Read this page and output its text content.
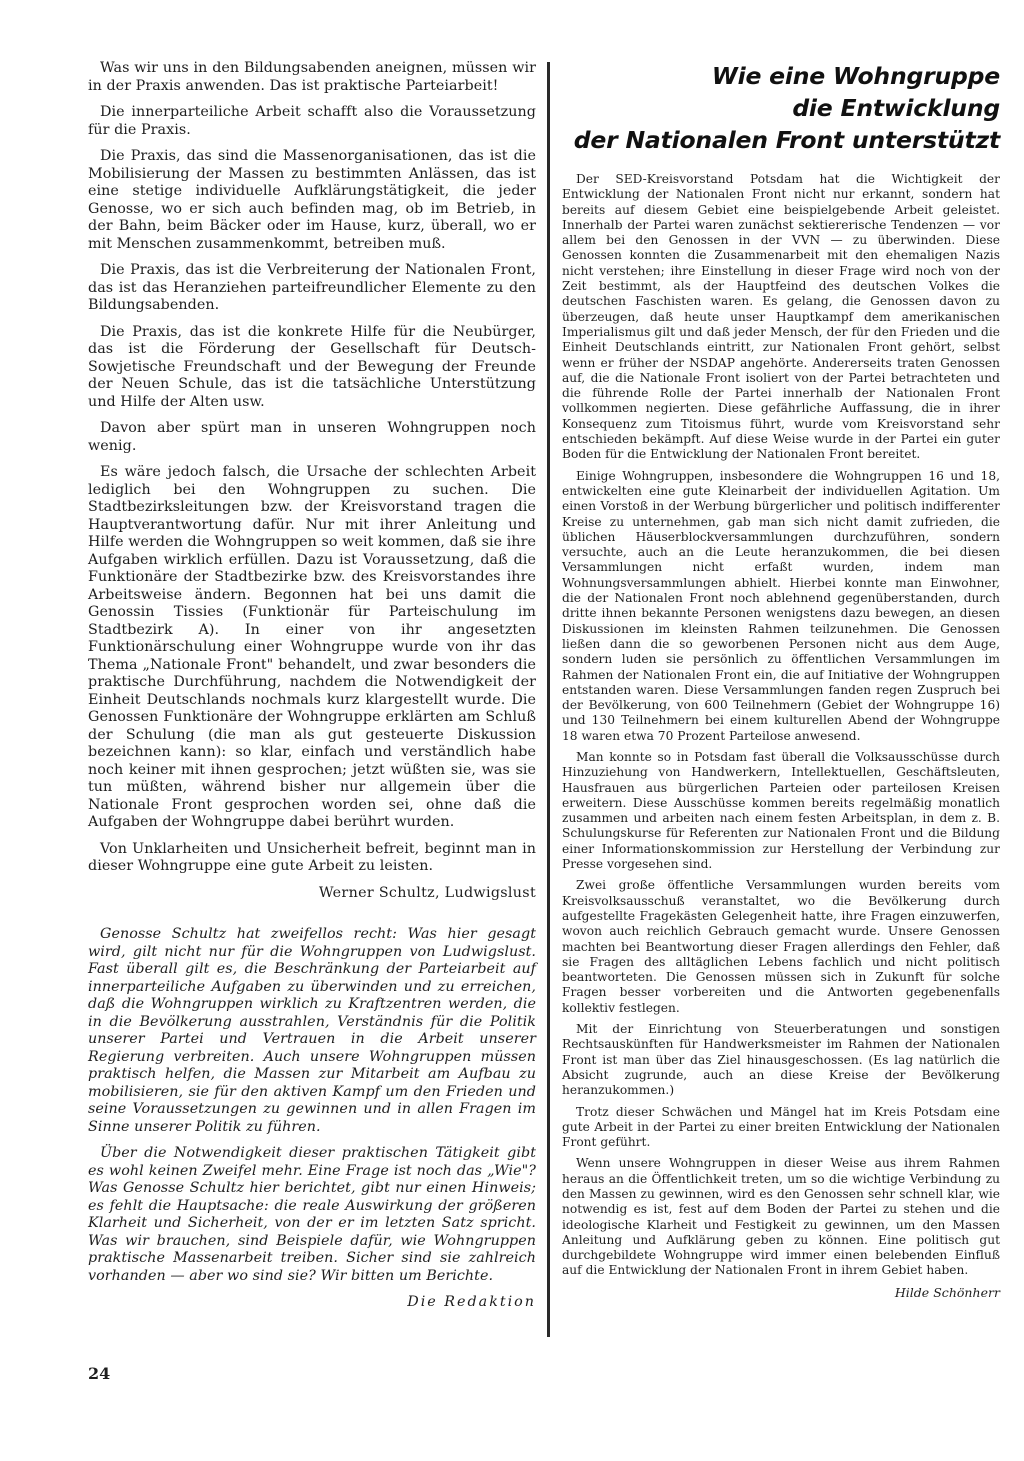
Was wir uns in den Bildungsabenden aneignen, müssen wir in der Praxis anwenden. Das ist praktische Parteiarbeit!

Die innerparteiliche Arbeit schafft also die Voraussetzung für die Praxis.

Die Praxis, das sind die Massenorganisationen, das ist die Mobilisierung der Massen zu bestimmten Anlässen, das ist eine stetige individuelle Aufklärungstätigkeit, die jeder Genosse, wo er sich auch befinden mag, ob im Betrieb, in der Bahn, beim Bäcker oder im Hause, kurz, überall, wo er mit Menschen zusammenkommt, betreiben muß.

Die Praxis, das ist die Verbreiterung der Nationalen Front, das ist das Heranziehen parteifreundlicher Elemente zu den Bildungsabenden.

Die Praxis, das ist die konkrete Hilfe für die Neubürger, das ist die Förderung der Gesellschaft für Deutsch-Sowjetische Freundschaft und der Bewegung der Freunde der Neuen Schule, das ist die tatsächliche Unterstützung und Hilfe der Alten usw.

Davon aber spürt man in unseren Wohngruppen noch wenig.

Es wäre jedoch falsch, die Ursache der schlechten Arbeit lediglich bei den Wohngruppen zu suchen. Die Stadtbezirksleitungen bzw. der Kreisvorstand tragen die Hauptverantwortung dafür. Nur mit ihrer Anleitung und Hilfe werden die Wohngruppen so weit kommen, daß sie ihre Aufgaben wirklich erfüllen. Dazu ist Voraussetzung, daß die Funktionäre der Stadtbezirke bzw. des Kreisvorstandes ihre Arbeitsweise ändern. Begonnen hat bei uns damit die Genossin Tissies (Funktionär für Parteischulung im Stadtbezirk A). In einer von ihr angesetzten Funktionärschulung einer Wohngruppe wurde von ihr das Thema „Nationale Front" behandelt, und zwar besonders die praktische Durchführung, nachdem die Notwendigkeit der Einheit Deutschlands nochmals kurz klargestellt wurde. Die Genossen Funktionäre der Wohngruppe erklärten am Schluß der Schulung (die man als gut gesteuerte Diskussion bezeichnen kann): so klar, einfach und verständlich habe noch keiner mit ihnen gesprochen; jetzt wüßten sie, was sie tun müßten, während bisher nur allgemein über die Nationale Front gesprochen worden sei, ohne daß die Aufgaben der Wohngruppe dabei berührt wurden.

Von Unklarheiten und Unsicherheit befreit, beginnt man in dieser Wohngruppe eine gute Arbeit zu leisten.

Werner Schultz, Ludwigslust

Genosse Schultz hat zweifellos recht: Was hier gesagt wird, gilt nicht nur für die Wohngruppen von Ludwigslust. Fast überall gilt es, die Beschränkung der Parteiarbeit auf innerparteiliche Aufgaben zu überwinden und zu erreichen, daß die Wohngruppen wirklich zu Kraftzentren werden, die in die Bevölkerung ausstrahlen, Verständnis für die Politik unserer Partei und Vertrauen in die Arbeit unserer Regierung verbreiten. Auch unsere Wohngruppen müssen praktisch helfen, die Massen zur Mitarbeit am Aufbau zu mobilisieren, sie für den aktiven Kampf um den Frieden und seine Voraussetzungen zu gewinnen und in allen Fragen im Sinne unserer Politik zu führen.

Über die Notwendigkeit dieser praktischen Tätigkeit gibt es wohl keinen Zweifel mehr. Eine Frage ist noch das „Wie"? Was Genosse Schultz hier berichtet, gibt nur einen Hinweis; es fehlt die Hauptsache: die reale Auswirkung der größeren Klarheit und Sicherheit, von der er im letzten Satz spricht. Was wir brauchen, sind Beispiele dafür, wie Wohngruppen praktische Massenarbeit treiben. Sicher sind sie zahlreich vorhanden — aber wo sind sie? Wir bitten um Berichte.

Die Redaktion

Wie eine Wohngruppe
die Entwicklung
der Nationalen Front unterstützt

Der SED-Kreisvorstand Potsdam hat die Wichtigkeit der Entwicklung der Nationalen Front nicht nur erkannt, sondern hat bereits auf diesem Gebiet eine beispielgebende Arbeit geleistet. Innerhalb der Partei waren zunächst sektiererische Tendenzen — vor allem bei den Genossen in der VVN — zu überwinden. Diese Genossen konnten die Zusammenarbeit mit den ehemaligen Nazis nicht verstehen; ihre Einstellung in dieser Frage wird noch von der Zeit bestimmt, als der Hauptfeind des deutschen Volkes die deutschen Faschisten waren. Es gelang, die Genossen davon zu überzeugen, daß heute unser Hauptkampf dem amerikanischen Imperialismus gilt und daß jeder Mensch, der für den Frieden und die Einheit Deutschlands eintritt, zur Nationalen Front gehört, selbst wenn er früher der NSDAP angehörte. Andererseits traten Genossen auf, die die Nationale Front isoliert von der Partei betrachteten und die führende Rolle der Partei innerhalb der Nationalen Front vollkommen negierten. Diese gefährliche Auffassung, die in ihrer Konsequenz zum Titoismus führt, wurde vom Kreisvorstand sehr entschieden bekämpft. Auf diese Weise wurde in der Partei ein guter Boden für die Entwicklung der Nationalen Front bereitet.

Einige Wohngruppen, insbesondere die Wohngruppen 16 und 18, entwickelten eine gute Kleinarbeit der individuellen Agitation. Um einen Vorstoß in der Werbung bürgerlicher und politisch indifferenter Kreise zu unternehmen, gab man sich nicht damit zufrieden, die üblichen Häuserblockversammlungen durchzuführen, sondern versuchte, auch an die Leute heranzukommen, die bei diesen Versammlungen nicht erfaßt wurden, indem man Wohnungsversammlungen abhielt. Hierbei konnte man Einwohner, die der Nationalen Front noch ablehnend gegenüberstanden, durch dritte ihnen bekannte Personen wenigstens dazu bewegen, an diesen Diskussionen im kleinsten Rahmen teilzunehmen. Die Genossen ließen dann die so geworbenen Personen nicht aus dem Auge, sondern luden sie persönlich zu öffentlichen Versammlungen im Rahmen der Nationalen Front ein, die auf Initiative der Wohngruppen entstanden waren. Diese Versammlungen fanden regen Zuspruch bei der Bevölkerung, von 600 Teilnehmern (Gebiet der Wohngruppe 16) und 130 Teilnehmern bei einem kulturellen Abend der Wohngruppe 18 waren etwa 70 Prozent Parteilose anwesend.

Man konnte so in Potsdam fast überall die Volksausschüsse durch Hinzuziehung von Handwerkern, Intellektuellen, Geschäftsleuten, Hausfrauen aus bürgerlichen Parteien oder parteilosen Kreisen erweitern. Diese Ausschüsse kommen bereits regelmäßig monatlich zusammen und arbeiten nach einem festen Arbeitsplan, in dem z. B. Schulungskurse für Referenten zur Nationalen Front und die Bildung einer Informationskommission zur Herstellung der Verbindung zur Presse vorgesehen sind.

Zwei große öffentliche Versammlungen wurden bereits vom Kreisvolksausschuß veranstaltet, wo die Bevölkerung durch aufgestellte Fragekästen Gelegenheit hatte, ihre Fragen einzuwerfen, wovon auch reichlich Gebrauch gemacht wurde. Unsere Genossen machten bei Beantwortung dieser Fragen allerdings den Fehler, daß sie Fragen des alltäglichen Lebens fachlich und nicht politisch beantworteten. Die Genossen müssen sich in Zukunft für solche Fragen besser vorbereiten und die Antworten gegebenenfalls kollektiv festlegen.

Mit der Einrichtung von Steuerberatungen und sonstigen Rechtsauskünften für Handwerksmeister im Rahmen der Nationalen Front ist man über das Ziel hinausgeschossen. (Es lag natürlich die Absicht zugrunde, auch an diese Kreise der Bevölkerung heranzukommen.)

Trotz dieser Schwächen und Mängel hat im Kreis Potsdam eine gute Arbeit in der Partei zu einer breiten Entwicklung der Nationalen Front geführt.

Wenn unsere Wohngruppen in dieser Weise aus ihrem Rahmen heraus an die Öffentlichkeit treten, um so die wichtige Verbindung zu den Massen zu gewinnen, wird es den Genossen sehr schnell klar, wie notwendig es ist, fest auf dem Boden der Partei zu stehen und die ideologische Klarheit und Festigkeit zu gewinnen, um den Massen Anleitung und Aufklärung geben zu können. Eine politisch gut durchgebildete Wohngruppe wird immer einen belebenden Einfluß auf die Entwicklung der Nationalen Front in ihrem Gebiet haben.

Hilde Schönherr

24
